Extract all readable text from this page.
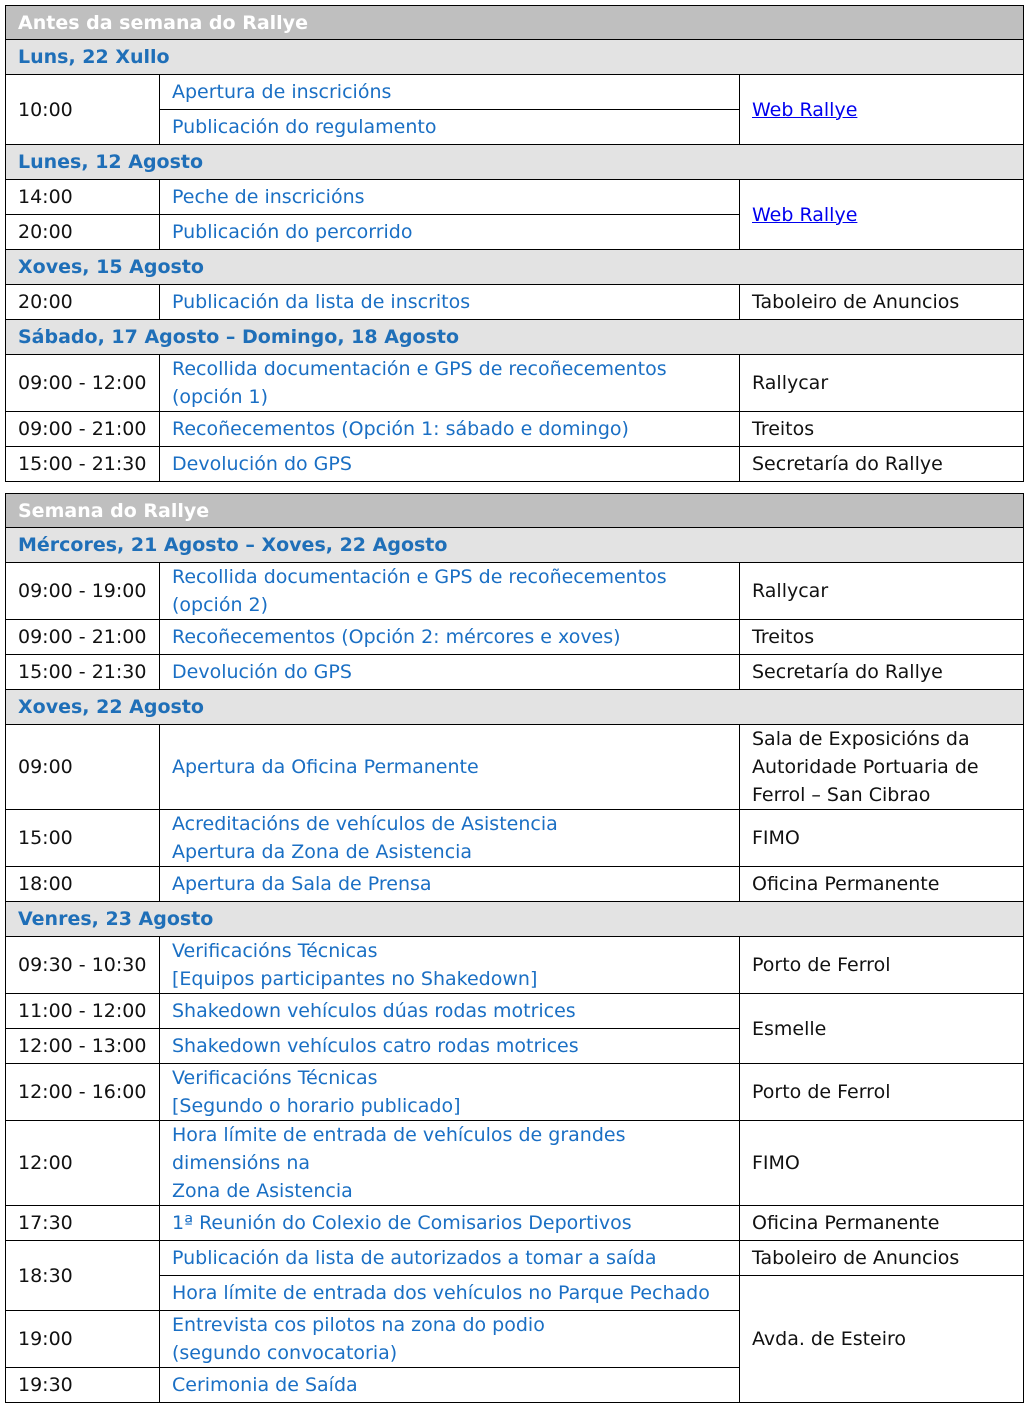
Antes da semana do Rallye		
Luns, 22 Xullo		
10:00	Apertura de inscricións	Web Rallye
	Publicación do regulamento	
Lunes, 12 Agosto		
14:00	Peche de inscricións	Web Rallye
20:00	Publicación do percorrido	
Xoves, 15 Agosto		
20:00	Publicación da lista de inscritos	Taboleiro de Anuncios
Sábado, 17 Agosto – Domingo, 18 Agosto		
09:00 - 12:00	Recollida documentación e GPS de recoñecementos (opción 1)	Rallycar
09:00 - 21:00	Recoñecementos (Opción 1: sábado e domingo)	Treitos
15:00 - 21:30	Devolución do GPS	Secretaría do Rallye
Semana do Rallye		
Mércores, 21 Agosto – Xoves, 22 Agosto		
09:00 - 19:00	Recollida documentación e GPS de recoñecementos (opción 2)	Rallycar
09:00 - 21:00	Recoñecementos (Opción 2: mércores e xoves)	Treitos
15:00 - 21:30	Devolución do GPS	Secretaría do Rallye
Xoves, 22 Agosto		
09:00	Apertura da Oficina Permanente	Sala de Exposicións da
Autoridade Portuaria de
Ferrol – San Cibrao

15:00	Acreditacións de vehículos de Asistencia
Apertura da Zona de Asistencia	FIMO
18:00	Apertura da Sala de Prensa	Oficina Permanente
Venres, 23 Agosto		
09:30 - 10:30	Verificacións Técnicas
[Equipos participantes no Shakedown]	Porto de Ferrol
11:00 - 12:00	Shakedown vehículos dúas rodas motrices	Esmelle
12:00 - 13:00	Shakedown vehículos catro rodas motrices	
12:00 - 16:00	Verificacións Técnicas
[Segundo o horario publicado]	Porto de Ferrol
12:00	Hora límite de entrada de vehículos de grandes dimensións na
Zona de Asistencia	FIMO
17:30	1ª Reunión do Colexio de Comisarios Deportivos	Oficina Permanente
18:30	Publicación da lista de autorizados a tomar a saída	Taboleiro de Anuncios
	Hora límite de entrada dos vehículos no Parque Pechado	Avda. de Esteiro
19:00	Entrevista cos pilotos na zona do podio
(segundo convocatoria)	

19:30	Cerimonia de Saída	
